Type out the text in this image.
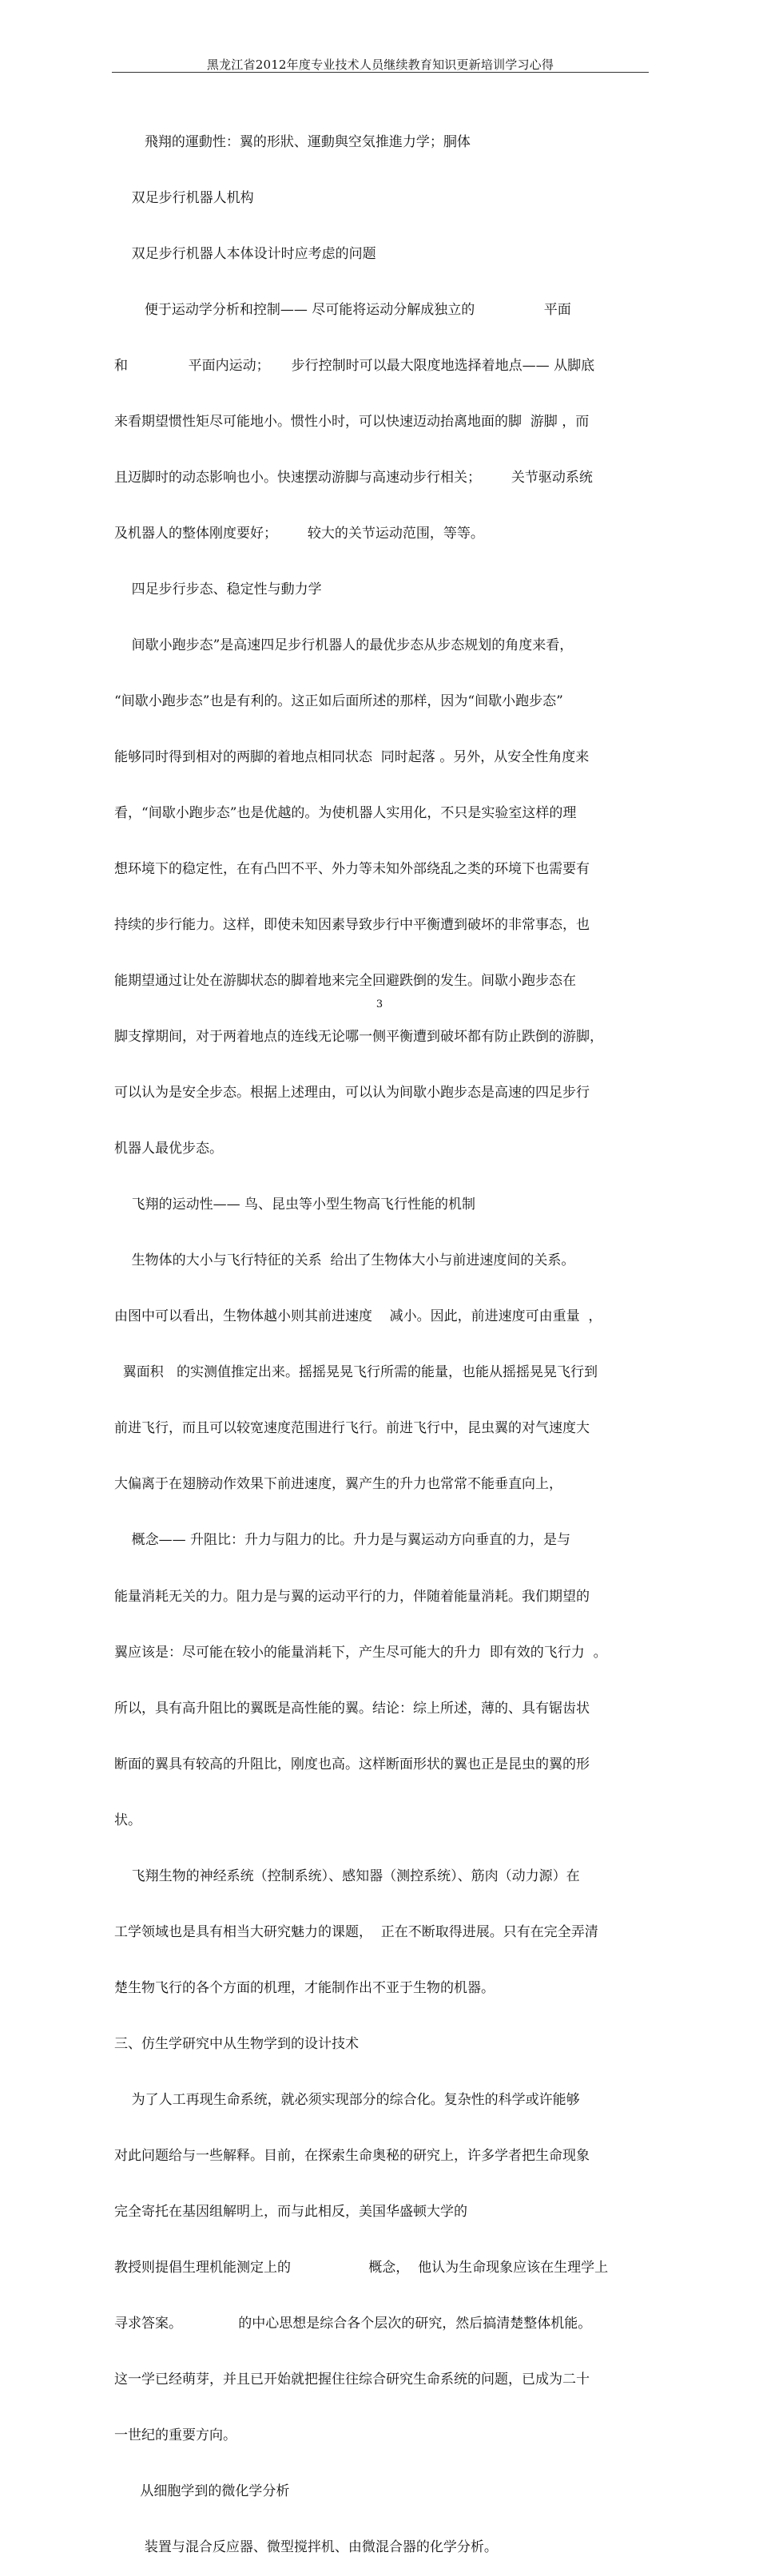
黑龙江省2012年度专业技术人员继续教育知识更新培训学习心得

飛翔的運動性：翼的形狀、運動與空気推進力学；胴体

双足步行机器人机构

双足步行机器人本体设计时应考虑的问题

便于运动学分析和控制—— 尽可能将运动分解成独立的                平面

和              平面内运动；     步行控制时可以最大限度地选择着地点—— 从脚底

来看期望惯性矩尽可能地小。惯性小时，可以快速迈动抬离地面的脚  游脚 ，而

且迈脚时的动态影响也小。快速摆动游脚与高速动步行相关；       关节驱动系统

及机器人的整体刚度要好；       较大的关节运动范围，等等。

四足步行步态、稳定性与動力学

间歇小跑步态”是高速四足步行机器人的最优步态从步态规划的角度来看，

“间歇小跑步态”也是有利的。这正如后面所述的那样，因为“间歇小跑步态”

能够同时得到相对的两脚的着地点相同状态  同时起落 。另外，从安全性角度来

看，“间歇小跑步态”也是优越的。为使机器人实用化，不只是实验室这样的理

想环境下的稳定性，在有凸凹不平、外力等未知外部绕乱之类的环境下也需要有

持续的步行能力。这样，即使未知因素导致步行中平衡遭到破坏的非常事态，也

能期望通过让处在游脚状态的脚着地来完全回避跌倒的发生。间歇小跑步态在

脚支撑期间，对于两着地点的连线无论哪一侧平衡遭到破坏都有防止跌倒的游脚，

可以认为是安全步态。根据上述理由，可以认为间歇小跑步态是高速的四足步行

机器人最优步态。

飞翔的运动性—— 鸟、昆虫等小型生物高飞行性能的机制

生物体的大小与飞行特征的关系  给出了生物体大小与前进速度间的关系。

由图中可以看出，生物体越小则其前进速度    减小。因此，前进速度可由重量  ，

翼面积   的实测值推定出来。摇摇晃晃飞行所需的能量，也能从摇摇晃晃飞行到

前进飞行，而且可以较宽速度范围进行飞行。前进飞行中，昆虫翼的对气速度大

大偏离于在翅膀动作效果下前进速度，翼产生的升力也常常不能垂直向上，

概念—— 升阻比：升力与阻力的比。升力是与翼运动方向垂直的力，是与

能量消耗无关的力。阻力是与翼的运动平行的力，伴随着能量消耗。我们期望的

翼应该是：尽可能在较小的能量消耗下，产生尽可能大的升力  即有效的飞行力  。

所以，具有高升阻比的翼既是高性能的翼。结论：综上所述，薄的、具有锯齿状

断面的翼具有较高的升阻比，刚度也高。这样断面形状的翼也正是昆虫的翼的形

状。

飞翔生物的神经系统（控制系统）、感知器（测控系统）、筋肉（动力源）在

工学领域也是具有相当大研究魅力的课题，  正在不断取得进展。只有在完全弄清

楚生物飞行的各个方面的机理，才能制作出不亚于生物的机器。

三、仿生学研究中从生物学到的设计技术

为了人工再现生命系统，就必须实现部分的综合化。复杂性的科学或许能够

对此问题给与一些解释。目前，在探索生命奥秘的研究上，许多学者把生命现象

完全寄托在基因组解明上，而与此相反，美国华盛顿大学的

教授则提倡生理机能测定上的                  概念，  他认为生命现象应该在生理学上

寻求答案。             的中心思想是综合各个层次的研究，然后搞清楚整体机能。

这一学已经萌芽，并且已开始就把握住往综合研究生命系统的问题，已成为二十

一世纪的重要方向。

从细胞学到的微化学分析

装置与混合反应器、微型搅拌机、由微混合器的化学分析。

3
